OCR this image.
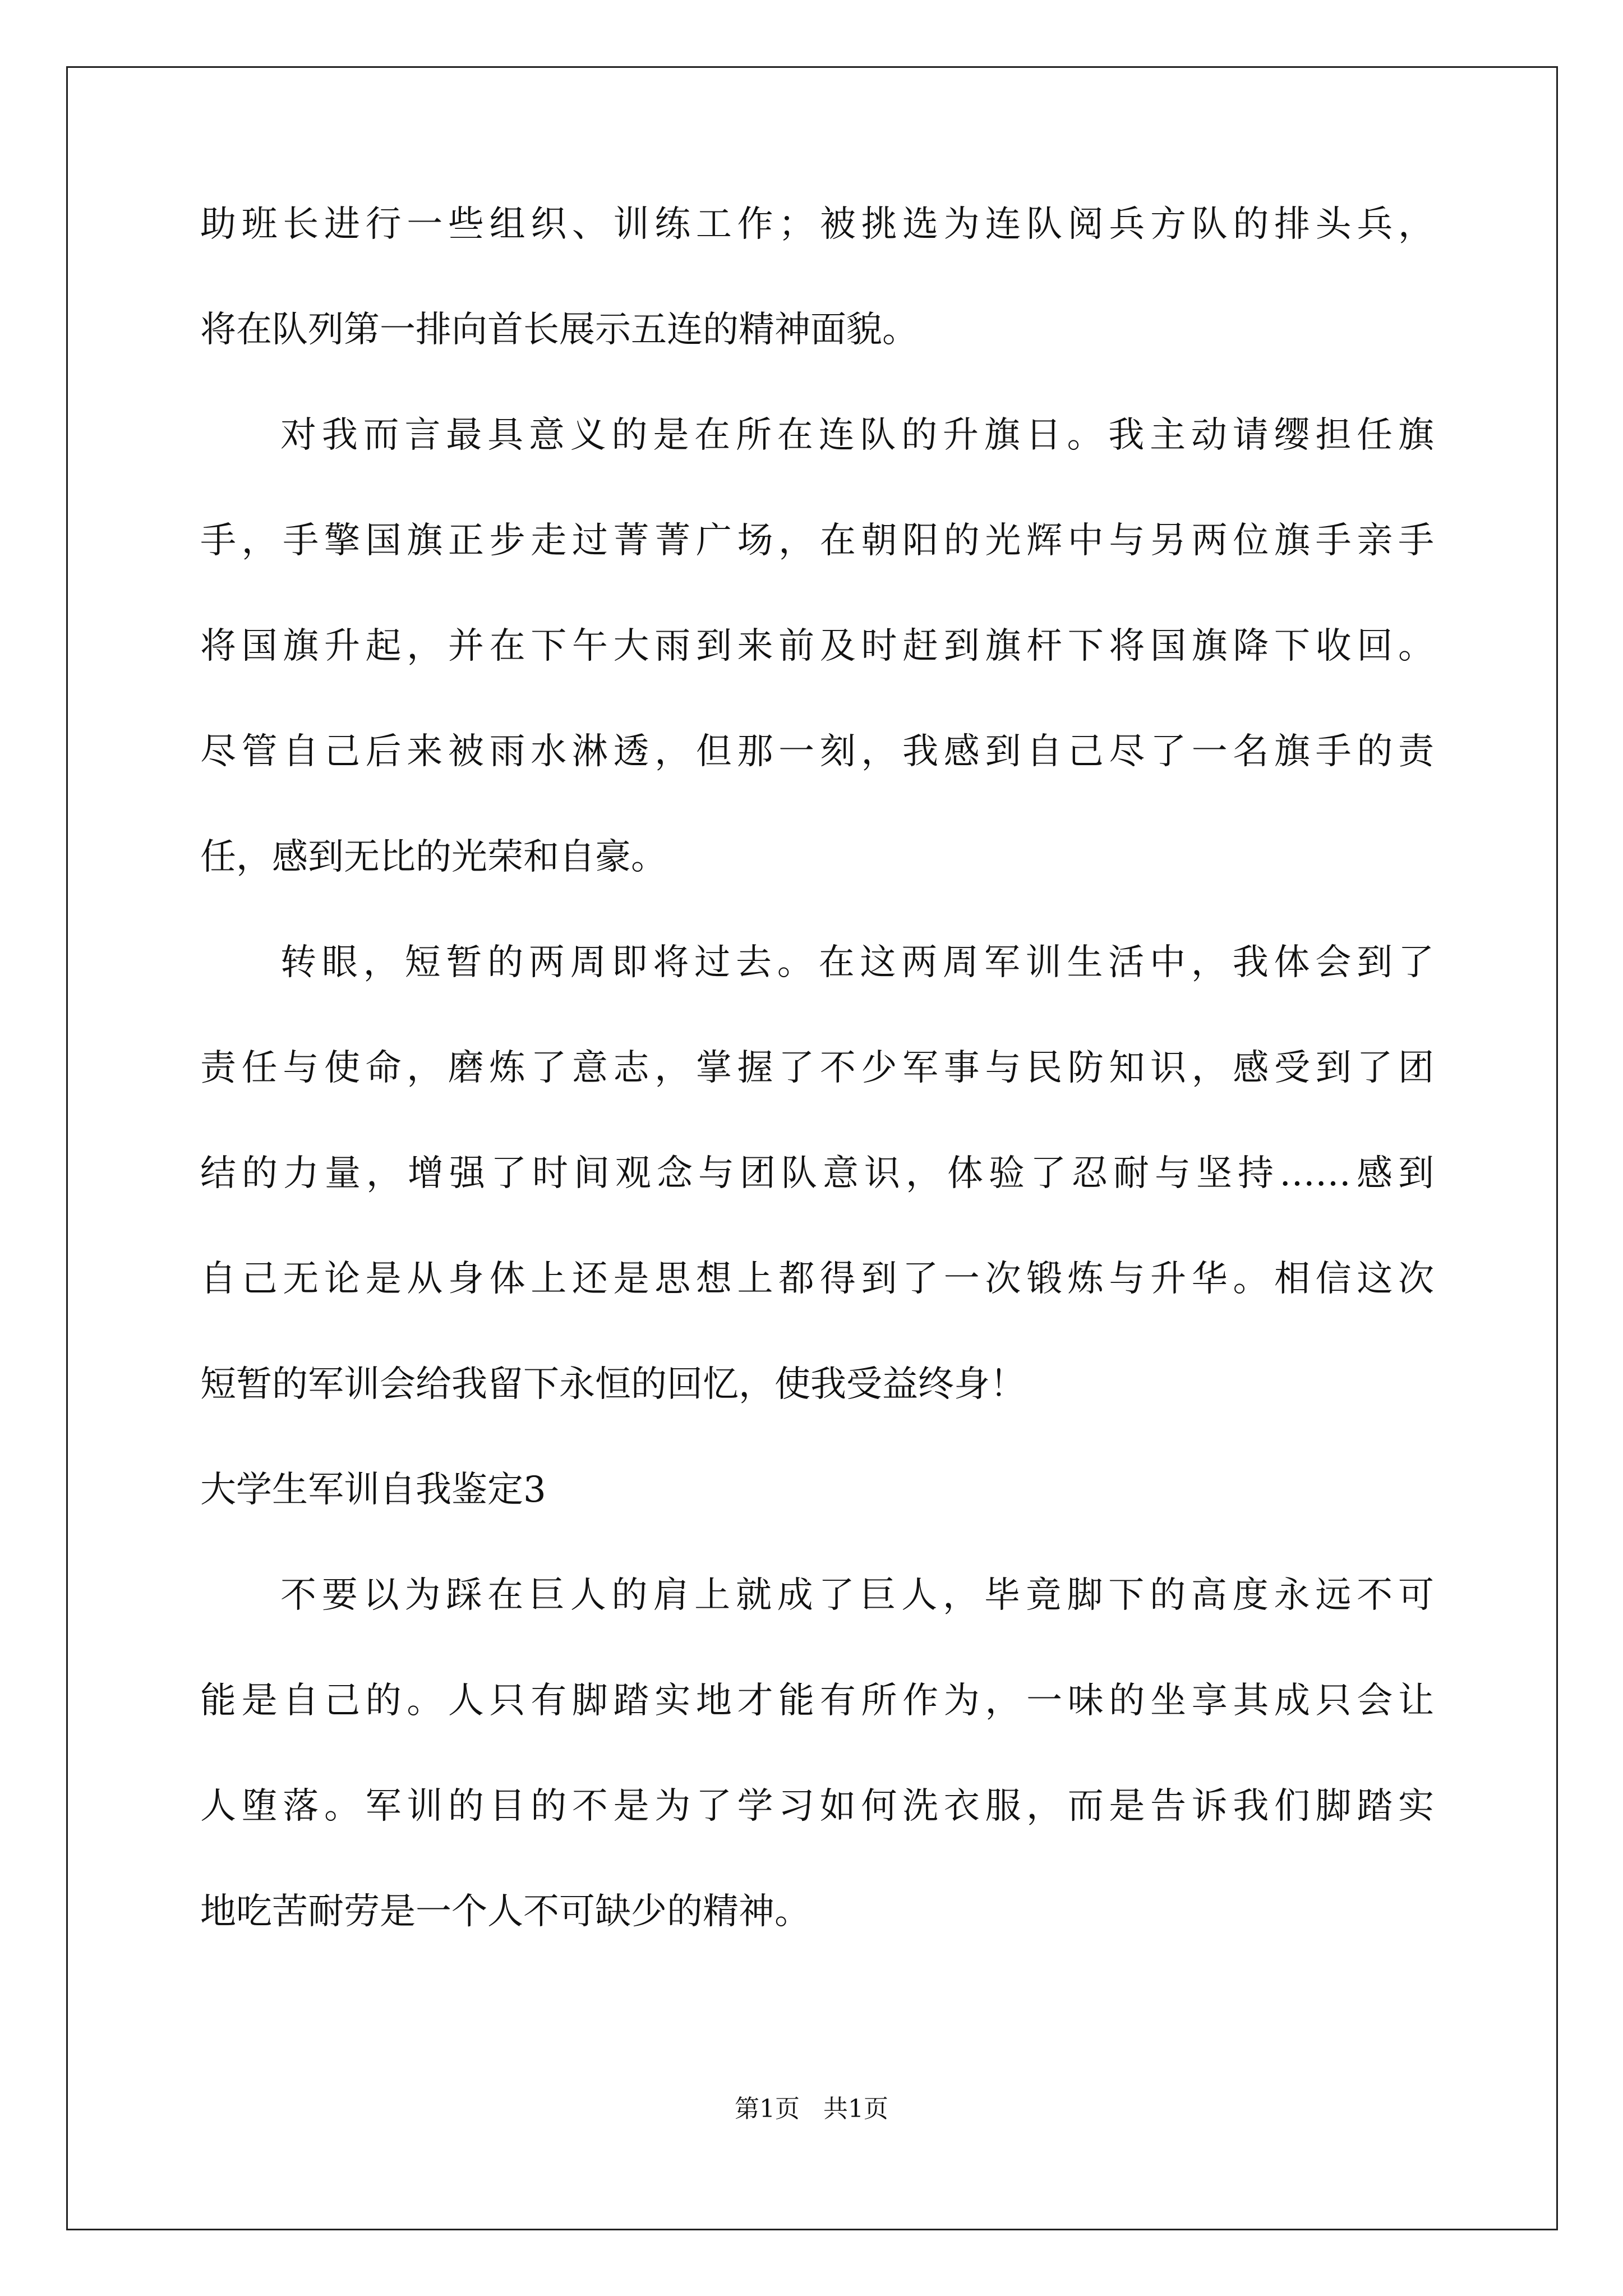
助班长进行一些组织、训练工作；被挑选为连队阅兵方队的排头兵，
将在队列第一排向首长展示五连的精神面貌。
对我而言最具意义的是在所在连队的升旗日。我主动请缨担任旗
手，手擎国旗正步走过菁菁广场，在朝阳的光辉中与另两位旗手亲手
将国旗升起，并在下午大雨到来前及时赶到旗杆下将国旗降下收回。
尽管自己后来被雨水淋透，但那一刻，我感到自己尽了一名旗手的责
任，感到无比的光荣和自豪。
转眼，短暂的两周即将过去。在这两周军训生活中，我体会到了
责任与使命，磨炼了意志，掌握了不少军事与民防知识，感受到了团
结的力量，增强了时间观念与团队意识，体验了忍耐与坚持……感到
自己无论是从身体上还是思想上都得到了一次锻炼与升华。相信这次
短暂的军训会给我留下永恒的回忆，使我受益终身！
大学生军训自我鉴定3
不要以为踩在巨人的肩上就成了巨人，毕竟脚下的高度永远不可
能是自己的。人只有脚踏实地才能有所作为，一味的坐享其成只会让
人堕落。军训的目的不是为了学习如何洗衣服，而是告诉我们脚踏实
地吃苦耐劳是一个人不可缺少的精神。
第1页   共1页
